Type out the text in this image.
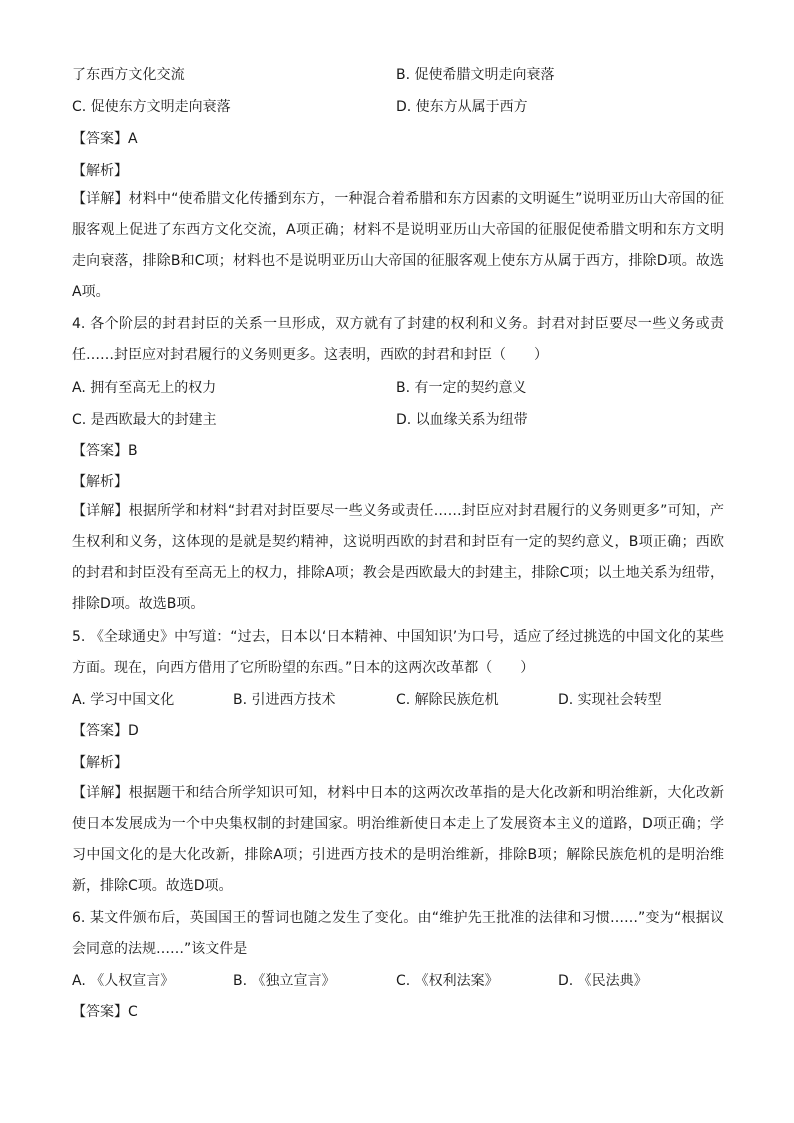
了东西方文化交流	B. 促使希腊文明走向衰落
C. 促使东方文明走向衰落	D. 使东方从属于西方
【答案】A
【解析】
【详解】材料中“使希腊文化传播到东方，一种混合着希腊和东方因素的文明诞生”说明亚历山大帝国的征服客观上促进了东西方文化交流，A项正确；材料不是说明亚历山大帝国的征服促使希腊文明和东方文明走向衰落，排除B和C项；材料也不是说明亚历山大帝国的征服客观上使东方从属于西方，排除D项。故选A项。
4. 各个阶层的封君封臣的关系一旦形成，双方就有了封建的权利和义务。封君对封臣要尽一些义务或责任……封臣应对封君履行的义务则更多。这表明，西欧的封君和封臣（　　）
A. 拥有至高无上的权力	B. 有一定的契约意义
C. 是西欧最大的封建主	D. 以血缘关系为纽带
【答案】B
【解析】
【详解】根据所学和材料“封君对封臣要尽一些义务或责任……封臣应对封君履行的义务则更多”可知，产生权利和义务，这体现的是就是契约精神，这说明西欧的封君和封臣有一定的契约意义，B项正确；西欧的封君和封臣没有至高无上的权力，排除A项；教会是西欧最大的封建主，排除C项；以土地关系为纽带，排除D项。故选B项。
5. 《全球通史》中写道：“过去，日本以‘日本精神、中国知识’为口号，适应了经过挑选的中国文化的某些方面。现在，向西方借用了它所盼望的东西。”日本的这两次改革都（　　）
A. 学习中国文化	B. 引进西方技术	C. 解除民族危机	D. 实现社会转型
【答案】D
【解析】
【详解】根据题干和结合所学知识可知，材料中日本的这两次改革指的是大化改新和明治维新，大化改新使日本发展成为一个中央集权制的封建国家。明治维新使日本走上了发展资本主义的道路，D项正确；学习中国文化的是大化改新，排除A项；引进西方技术的是明治维新，排除B项；解除民族危机的是明治维新，排除C项。故选D项。
6. 某文件颁布后，英国国王的誓词也随之发生了变化。由“维护先王批准的法律和习惯……”变为“根据议会同意的法规……”该文件是
A. 《人权宣言》	B. 《独立宣言》	C. 《权利法案》	D. 《民法典》
【答案】C
